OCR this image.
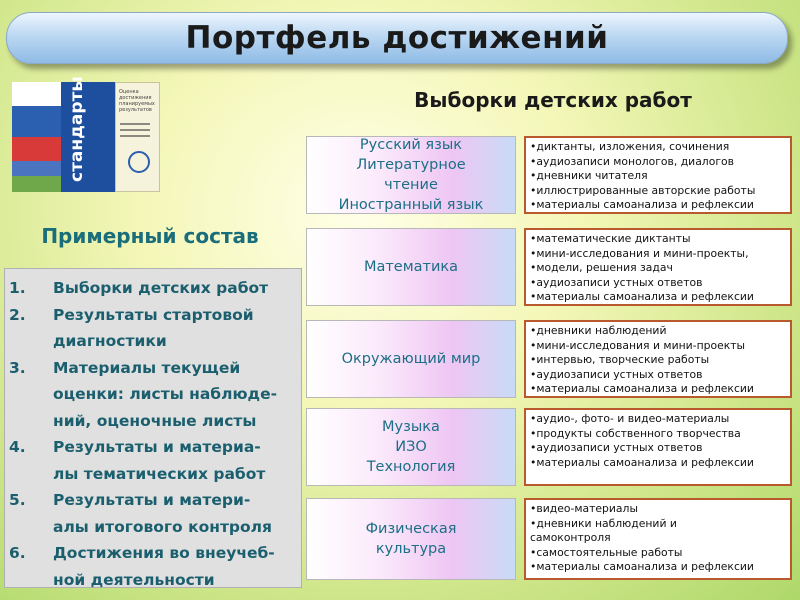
Портфель достижений
стандарты	Оценка
достижения
планируемых
результатов	Выборки детских работ
Примерный состав
1.	Выборки детских работ
2.	Результаты стартовой
диагностики
3.	Материалы текущей
оценки: листы наблюде-
ний, оценочные листы
4.	Результаты и материа-
лы тематических работ
5.	Результаты и матери-
алы итогового контроля
6.	Достижения во внеучеб-
ной деятельности
Русский язык
Литературное
чтение
Иностранный язык
•диктанты, изложения, сочинения
•аудиозаписи монологов, диалогов
•дневники читателя
•иллюстрированные авторские работы
•материалы самоанализа и рефлексии
Математика
•математические диктанты
•мини-исследования и мини-проекты,
•модели, решения задач
•аудиозаписи устных ответов
•материалы самоанализа и рефлексии
Окружающий мир
•дневники наблюдений
•мини-исследования и мини-проекты
•интервью, творческие работы
•аудиозаписи устных ответов
•материалы самоанализа и рефлексии
Музыка
ИЗО
Технология
•аудио-, фото- и видео-материалы
•продукты собственного творчества
•аудиозаписи устных ответов
•материалы самоанализа и рефлексии
Физическая
культура
•видео-материалы
•дневники наблюдений и
самоконтроля
•самостоятельные работы
•материалы самоанализа и рефлексии
